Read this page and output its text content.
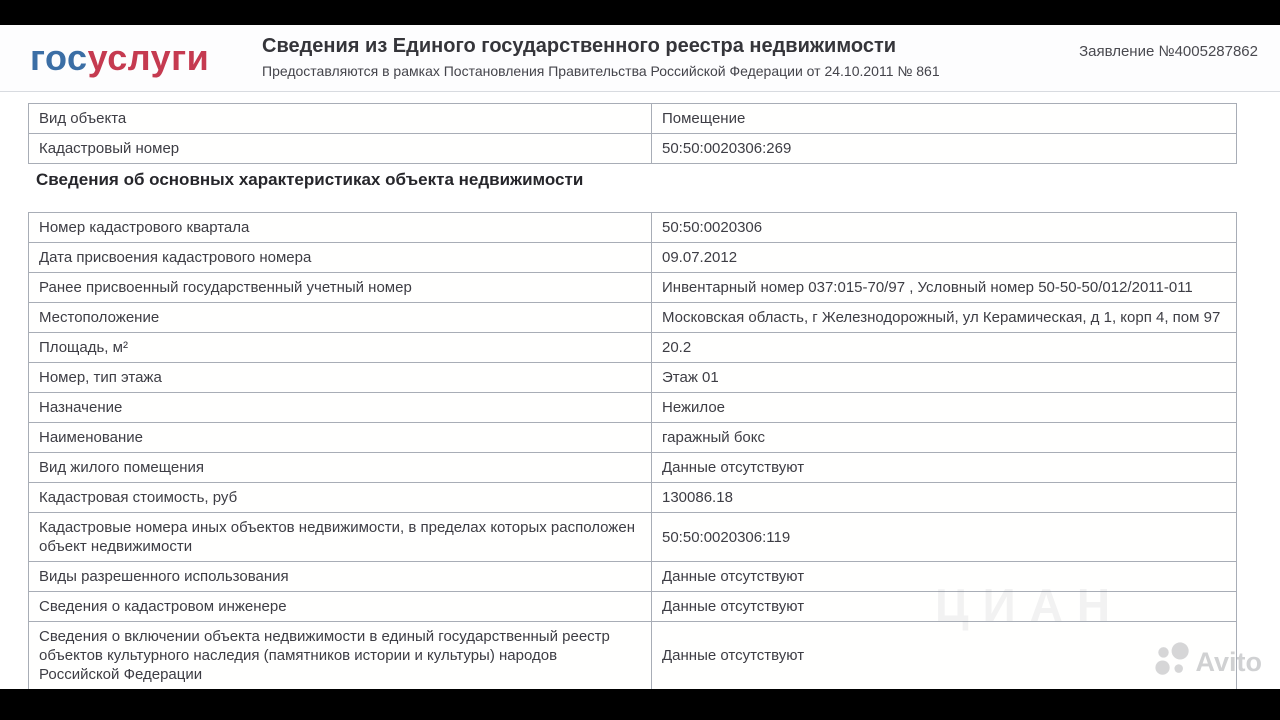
госуслуги	Сведения из Единого государственного реестра недвижимости

Предоставляются в рамках Постановления Правительства Российской Федерации от 24.10.2011 № 861

Заявление №4005287862
Вид объекта	Помещение
Кадастровый номер	50:50:0020306:269
Сведения об основных характеристиках объекта недвижимости
Номер кадастрового квартала	50:50:0020306
Дата присвоения кадастрового номера	09.07.2012
Ранее присвоенный государственный учетный номер	Инвентарный номер 037:015-70/97 , Условный номер 50-50-50/012/2011-011
Местоположение	Московская область, г Железнодорожный, ул Керамическая, д 1, корп 4, пом 97
Площадь, м²	20.2
Номер, тип этажа	Этаж 01
Назначение	Нежилое
Наименование	гаражный бокс
Вид жилого помещения	Данные отсутствуют
Кадастровая стоимость, руб	130086.18
Кадастровые номера иных объектов недвижимости, в пределах которых расположен объект недвижимости	50:50:0020306:119
Виды разрешенного использования	Данные отсутствуют
Сведения о кадастровом инженере	Данные отсутствуют
Сведения о включении объекта недвижимости в единый государственный реестр объектов культурного наследия (памятников истории и культуры) народов Российской Федерации	Данные отсутствуют	Avito
